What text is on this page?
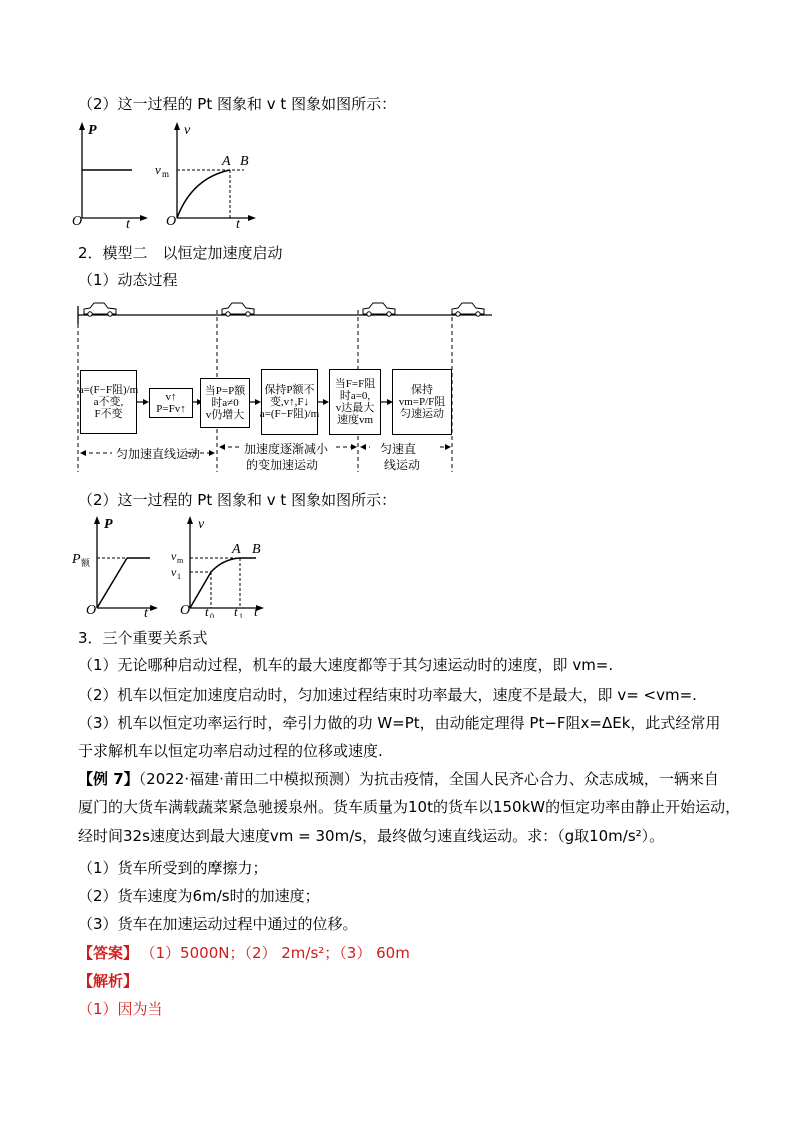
（2）这一过程的 Pt 图象和 v t 图象如图所示：
P
O	t
v
v m
A B
O	t
2．模型二　以恒定加速度启动
（1）动态过程
a=(F−F阻)/m
a不变,
F不变
v↑
P=Fv↑
当P=P额
时a≠0
v仍增大
保持P额不
变,v↑,F↓
a=(F−F阻)/m
当F=F阻
时a=0,
v达最大
速度vm
保持
vm=P/F阻
匀速运动
匀加速直线运动	加速度逐渐减小
的变加速运动
匀速直
线运动
（2）这一过程的 Pt 图象和 v t 图象如图所示：
P
P 额
O	t
v
v m
v 1
A B
O t 0 t 1 t
3．三个重要关系式
（1）无论哪种启动过程，机车的最大速度都等于其匀速运动时的速度，即 vm=.
（2）机车以恒定加速度启动时，匀加速过程结束时功率最大，速度不是最大，即 v= <vm=.
（3）机车以恒定功率运行时，牵引力做的功 W=Pt，由动能定理得 Pt−F阻x=ΔEk，此式经常用
于求解机车以恒定功率启动过程的位移或速度.
【例 7】（2022·福建·莆田二中模拟预测）为抗击疫情，全国人民齐心合力、众志成城，一辆来自
厦门的大货车满载蔬菜紧急驰援泉州。货车质量为10t的货车以150kW的恒定功率由静止开始运动，
经时间32s速度达到最大速度vm = 30m/s，最终做匀速直线运动。求：（g取10m/s²）。
（1）货车所受到的摩擦力；
（2）货车速度为6m/s时的加速度；
（3）货车在加速运动过程中通过的位移。
【答案】 （1）5000N；（2） 2m/s²；（3） 60m
【解析】
（1）因为当
